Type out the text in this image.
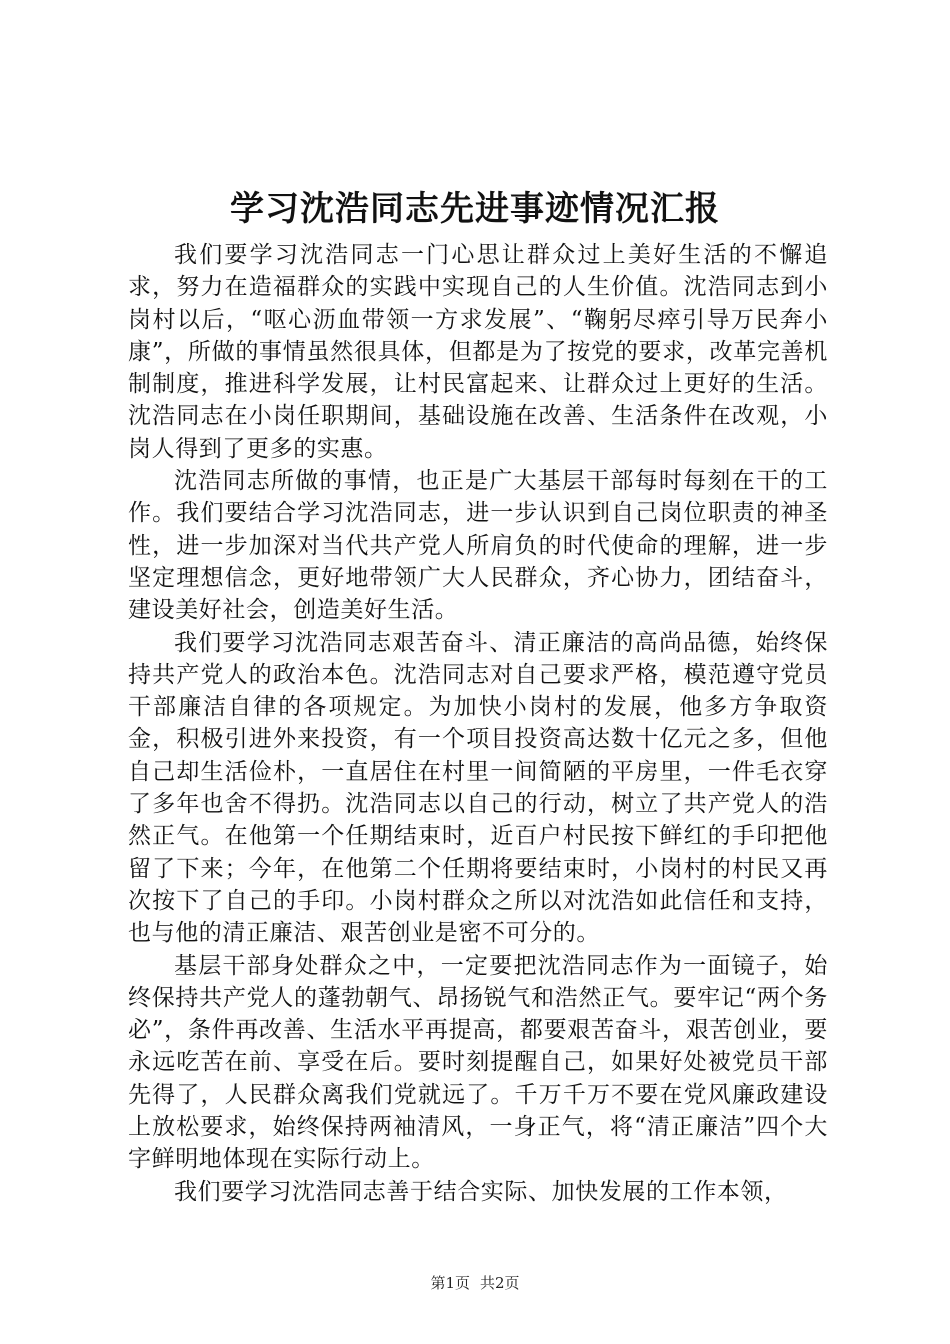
学习沈浩同志先进事迹情况汇报

我们要学习沈浩同志一门心思让群众过上美好生活的不懈追求，努力在造福群众的实践中实现自己的人生价值。沈浩同志到小岗村以后，“呕心沥血带领一方求发展”、“鞠躬尽瘁引导万民奔小康”，所做的事情虽然很具体，但都是为了按党的要求，改革完善机制制度，推进科学发展，让村民富起来、让群众过上更好的生活。沈浩同志在小岗任职期间，基础设施在改善、生活条件在改观，小岗人得到了更多的实惠。

沈浩同志所做的事情，也正是广大基层干部每时每刻在干的工作。我们要结合学习沈浩同志，进一步认识到自己岗位职责的神圣性，进一步加深对当代共产党人所肩负的时代使命的理解，进一步坚定理想信念，更好地带领广大人民群众，齐心协力，团结奋斗，建设美好社会，创造美好生活。

我们要学习沈浩同志艰苦奋斗、清正廉洁的高尚品德，始终保持共产党人的政治本色。沈浩同志对自己要求严格，模范遵守党员干部廉洁自律的各项规定。为加快小岗村的发展，他多方争取资金，积极引进外来投资，有一个项目投资高达数十亿元之多，但他自己却生活俭朴，一直居住在村里一间简陋的平房里，一件毛衣穿了多年也舍不得扔。沈浩同志以自己的行动，树立了共产党人的浩然正气。在他第一个任期结束时，近百户村民按下鲜红的手印把他留了下来；今年，在他第二个任期将要结束时，小岗村的村民又再次按下了自己的手印。小岗村群众之所以对沈浩如此信任和支持，也与他的清正廉洁、艰苦创业是密不可分的。

基层干部身处群众之中，一定要把沈浩同志作为一面镜子，始终保持共产党人的蓬勃朝气、昂扬锐气和浩然正气。要牢记“两个务必”，条件再改善、生活水平再提高，都要艰苦奋斗，艰苦创业，要永远吃苦在前、享受在后。要时刻提醒自己，如果好处被党员干部先得了，人民群众离我们党就远了。千万千万不要在党风廉政建设上放松要求，始终保持两袖清风，一身正气，将“清正廉洁”四个大字鲜明地体现在实际行动上。

我们要学习沈浩同志善于结合实际、加快发展的工作本领，

第1页 共2页
